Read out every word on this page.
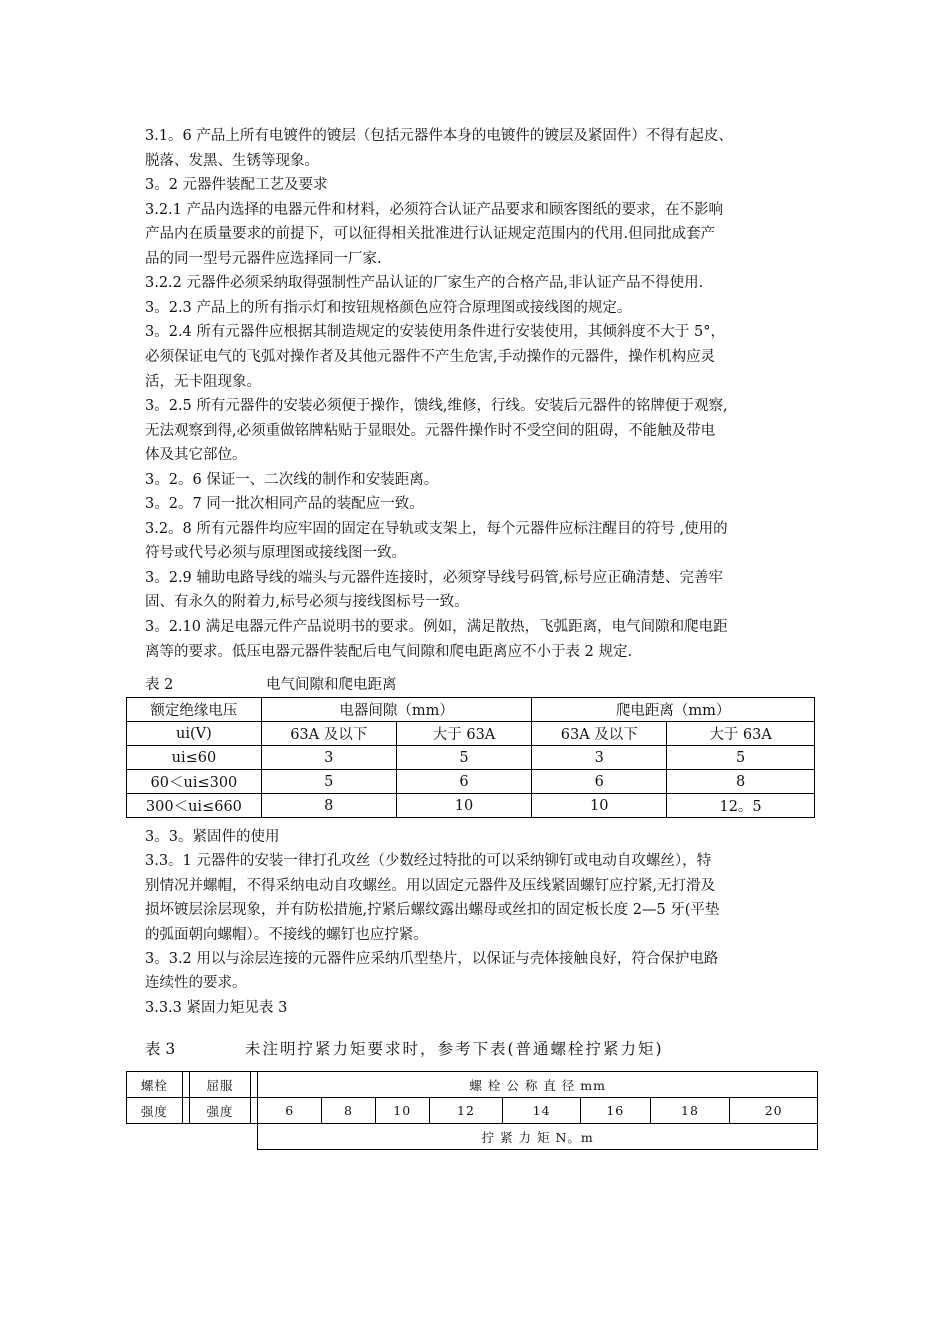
3.1。6 产品上所有电镀件的镀层（包括元器件本身的电镀件的镀层及紧固件）不得有起皮、

脱落、发黑、生锈等现象。

3。2 元器件装配工艺及要求

3.2.1 产品内选择的电器元件和材料，必须符合认证产品要求和顾客图纸的要求，在不影响

产品内在质量要求的前提下，可以征得相关批准进行认证规定范围内的代用.但同批成套产

品的同一型号元器件应选择同一厂家.

3.2.2 元器件必须采纳取得强制性产品认证的厂家生产的合格产品,非认证产品不得使用.

3。2.3 产品上的所有指示灯和按钮规格颜色应符合原理图或接线图的规定。

3。2.4 所有元器件应根据其制造规定的安装使用条件进行安装使用，其倾斜度不大于 5°，

必须保证电气的飞弧对操作者及其他元器件不产生危害,手动操作的元器件，操作机构应灵

活，无卡阻现象。

3。2.5 所有元器件的安装必须便于操作，馈线,维修，行线。安装后元器件的铭牌便于观察,

无法观察到得,必须重做铭牌粘贴于显眼处。元器件操作时不受空间的阻碍，不能触及带电

体及其它部位。

3。2。6 保证一、二次线的制作和安装距离。

3。2。7 同一批次相同产品的装配应一致。

3.2。8 所有元器件均应牢固的固定在导轨或支架上，每个元器件应标注醒目的符号 ,使用的

符号或代号必须与原理图或接线图一致。

3。2.9 辅助电路导线的端头与元器件连接时，必须穿导线号码管,标号应正确清楚、完善牢

固、有永久的附着力,标号必须与接线图标号一致。

3。2.10 满足电器元件产品说明书的要求。例如，满足散热，飞弧距离，电气间隙和爬电距

离等的要求。低压电器元器件装配后电气间隙和爬电距离应不小于表 2 规定.

表 2	电气间隙和爬电距离
额定绝缘电压	电器间隙（mm）		爬电距离（mm）	
ui(V)	63A 及以下	大于 63A	63A 及以下	大于 63A
ui≤60	3	5	3	5
60＜ui≤300	5	6	6	8
300＜ui≤660	8	10	10	12。5

3。3。紧固件的使用

3.3。1 元器件的安装一律打孔攻丝（少数经过特批的可以采纳铆钉或电动自攻螺丝），特

别情况并螺帽，不得采纳电动自攻螺丝。用以固定元器件及压线紧固螺钉应拧紧,无打滑及

损坏镀层涂层现象，并有防松措施,拧紧后螺纹露出螺母或丝扣的固定板长度 2—5 牙(平垫

的弧面朝向螺帽）。不接线的螺钉也应拧紧。

3。3.2 用以与涂层连接的元器件应采纳爪型垫片，以保证与壳体接触良好，符合保护电路

连续性的要求。

3.3.3 紧固力矩见表 3

表 3	未注明拧紧力矩要求时，参考下表(普通螺栓拧紧力矩)
螺栓		屈服		螺 栓 公 称 直 径 mm							
强度		强度		6	8	10	12	14	16	18	20
				拧 紧 力 矩 N。m							
